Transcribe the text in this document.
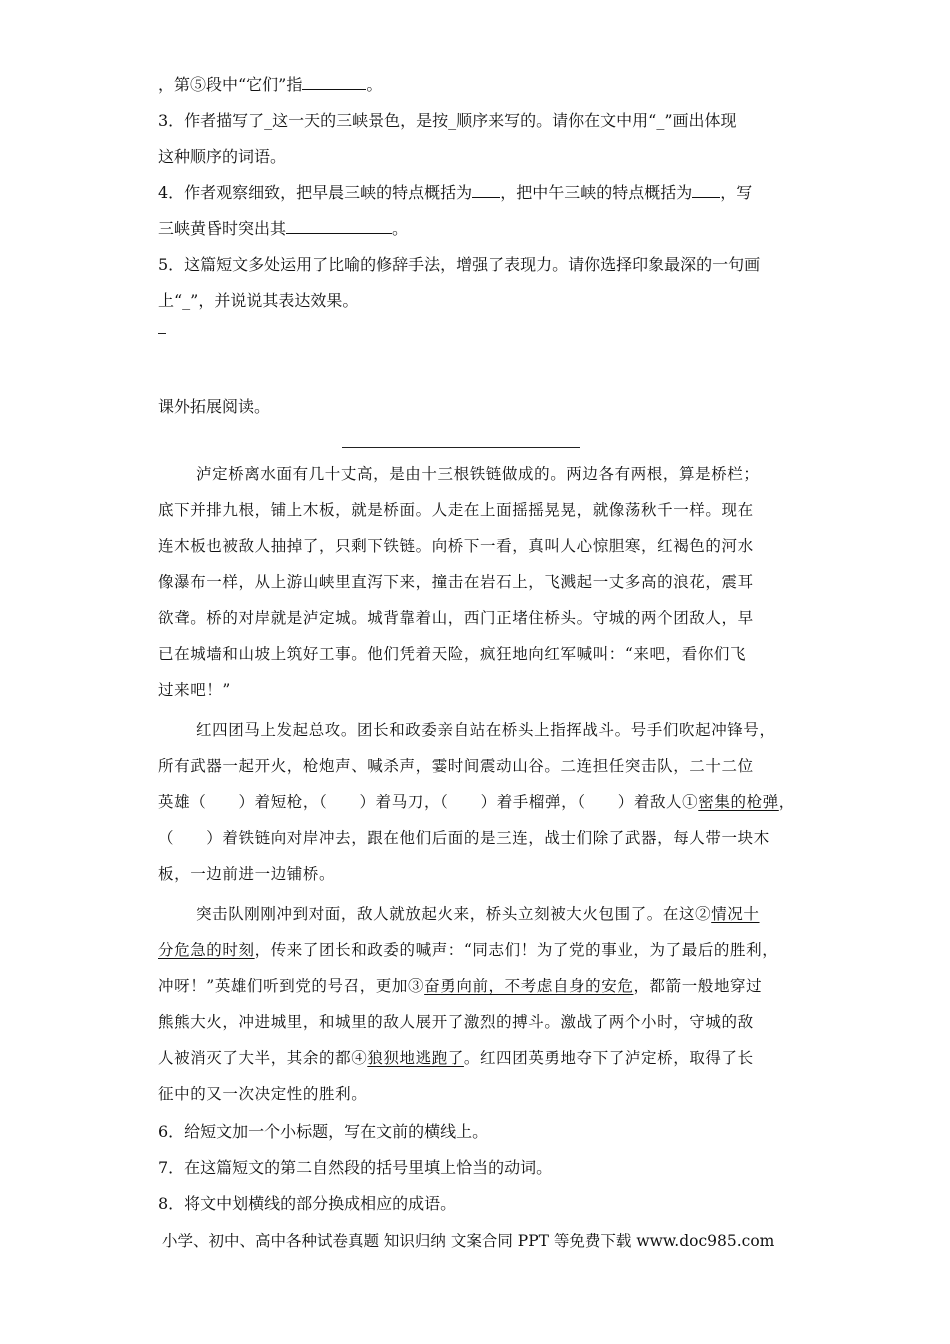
，第⑤段中“它们”指	。
3．作者描写了_这一天的三峡景色，是按_顺序来写的。请你在文中用“_”画出体现
这种顺序的词语。
4．作者观察细致，把早晨三峡的特点概括为 ，把中午三峡的特点概括为 ，写
三峡黄昏时突出其	。
5．这篇短文多处运用了比喻的修辞手法，增强了表现力。请你选择印象最深的一句画
上“_”，并说说其表达效果。
课外拓展阅读。
泸定桥离水面有几十丈高，是由十三根铁链做成的。两边各有两根，算是桥栏；
底下并排九根，铺上木板，就是桥面。人走在上面摇摇晃晃，就像荡秋千一样。现在
连木板也被敌人抽掉了，只剩下铁链。向桥下一看，真叫人心惊胆寒，红褐色的河水
像瀑布一样，从上游山峡里直泻下来，撞击在岩石上，飞溅起一丈多高的浪花，震耳
欲聋。桥的对岸就是泸定城。城背靠着山，西门正堵住桥头。守城的两个团敌人，早
已在城墙和山坡上筑好工事。他们凭着天险，疯狂地向红军喊叫：“来吧，看你们飞
过来吧！”
红四团马上发起总攻。团长和政委亲自站在桥头上指挥战斗。号手们吹起冲锋号，
所有武器一起开火，枪炮声、喊杀声，霎时间震动山谷。二连担任突击队，二十二位
英雄（　　）着短枪，（　　）着马刀，（　　）着手榴弹，（　　）着敌人①密集的枪弹，
（　　）着铁链向对岸冲去，跟在他们后面的是三连，战士们除了武器，每人带一块木
板，一边前进一边铺桥。
突击队刚刚冲到对面，敌人就放起火来，桥头立刻被大火包围了。在这②情况十
分危急的时刻，传来了团长和政委的喊声：“同志们！为了党的事业，为了最后的胜利，
冲呀！”英雄们听到党的号召，更加③奋勇向前，不考虑自身的安危，都箭一般地穿过
熊熊大火，冲进城里，和城里的敌人展开了激烈的搏斗。激战了两个小时，守城的敌
人被消灭了大半，其余的都④狼狈地逃跑了。红四团英勇地夺下了泸定桥，取得了长
征中的又一次决定性的胜利。
6．给短文加一个小标题，写在文前的横线上。
7．在这篇短文的第二自然段的括号里填上恰当的动词。
8．将文中划横线的部分换成相应的成语。
小学、初中、高中各种试卷真题 知识归纳 文案合同 PPT 等免费下载 www.doc985.com
